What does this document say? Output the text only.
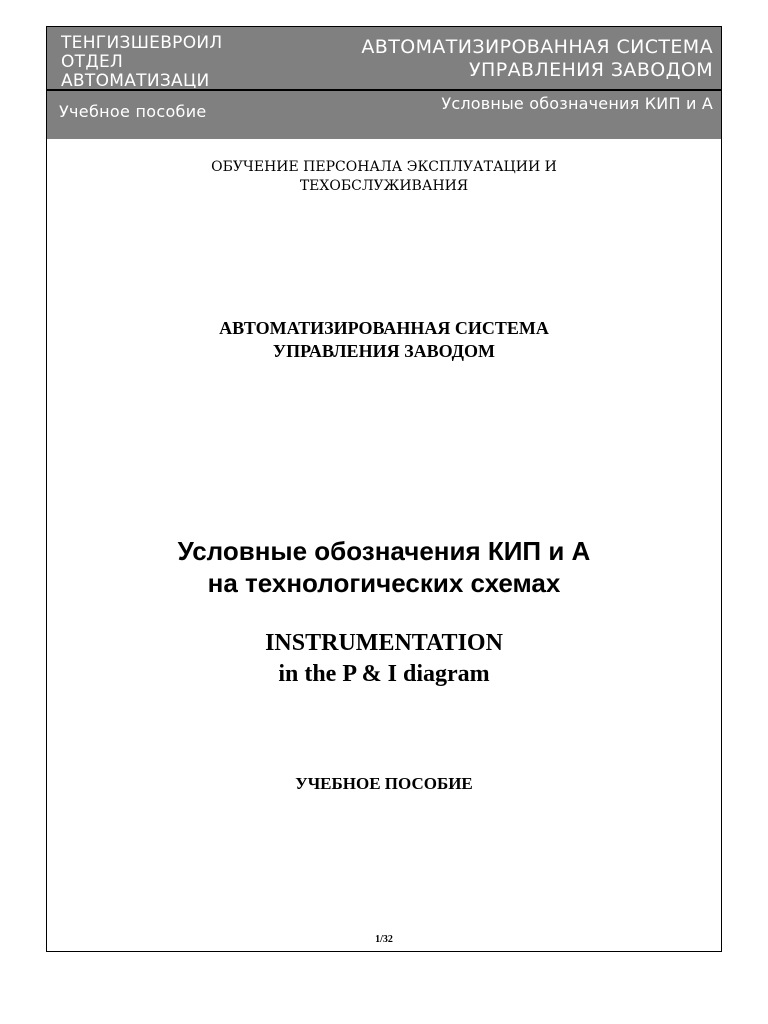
ТЕНГИЗШЕВРОЙЛ
ОТДЕЛ
АВТОМАТИЗАЦИ
АВТОМАТИЗИРОВАННАЯ СИСТЕМА
УПРАВЛЕНИЯ ЗАВОДОМ
Учебное пособие	Условные обозначения КИП и А
ОБУЧЕНИЕ ПЕРСОНАЛА ЭКСПЛУАТАЦИИ И
ТЕХОБСЛУЖИВАНИЯ
АВТОМАТИЗИРОВАННАЯ СИСТЕМА
УПРАВЛЕНИЯ ЗАВОДОМ
Условные обозначения КИП и А
на технологических схемах
INSTRUMENTATION
in the P & I diagram
УЧЕБНОЕ ПОСОБИЕ
1/32
